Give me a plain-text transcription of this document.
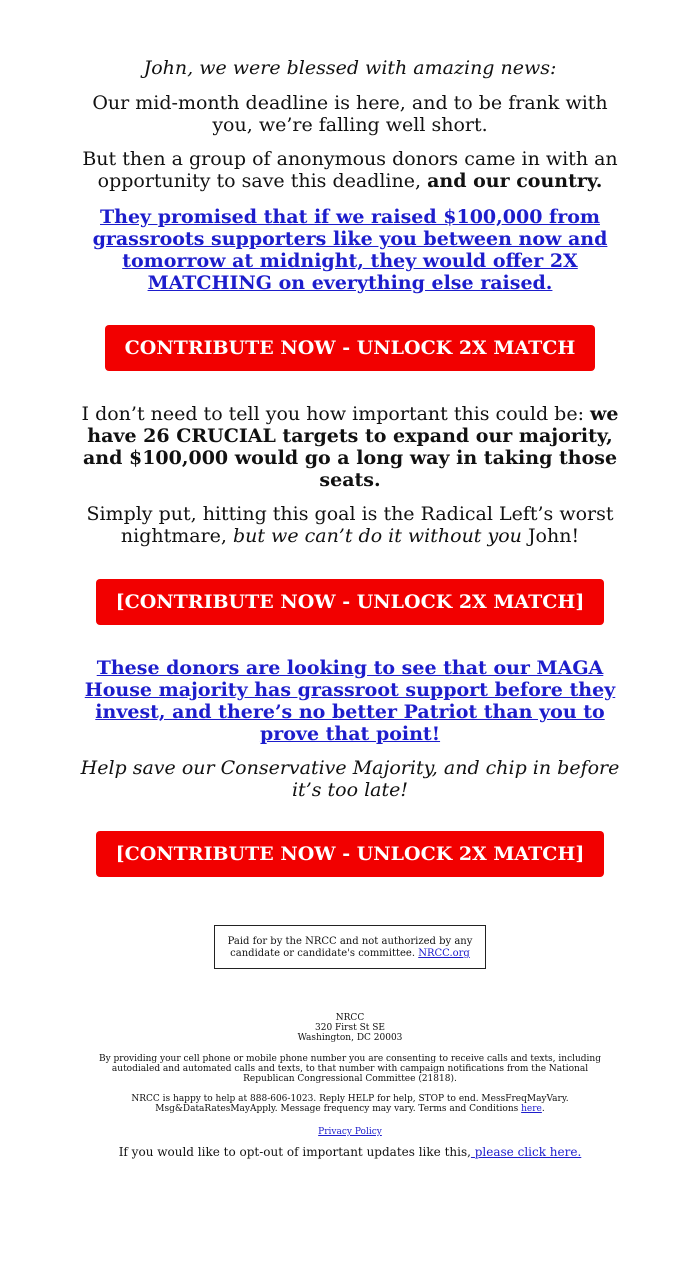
John, we were blessed with amazing news:
Our mid-month deadline is here, and to be frank with you, we’re falling well short.
But then a group of anonymous donors came in with an opportunity to save this deadline, and our country.
They promised that if we raised $100,000 from grassroots supporters like you between now and tomorrow at midnight, they would offer 2X MATCHING on everything else raised.
CONTRIBUTE NOW - UNLOCK 2X MATCH
I don’t need to tell you how important this could be: we have 26 CRUCIAL targets to expand our majority, and $100,000 would go a long way in taking those seats.
Simply put, hitting this goal is the Radical Left’s worst nightmare, but we can’t do it without you John!
[CONTRIBUTE NOW - UNLOCK 2X MATCH]
These donors are looking to see that our MAGA House majority has grassroot support before they invest, and there’s no better Patriot than you to prove that point!
Help save our Conservative Majority, and chip in before it’s too late!
[CONTRIBUTE NOW - UNLOCK 2X MATCH]
Paid for by the NRCC and not authorized by any candidate or candidate's committee. NRCC.org
NRCC
320 First St SE
Washington, DC 20003
By providing your cell phone or mobile phone number you are consenting to receive calls and texts, including autodialed and automated calls and texts, to that number with campaign notifications from the National Republican Congressional Committee (21818).
NRCC is happy to help at 888-606-1023. Reply HELP for help, STOP to end. MessFreqMayVary. Msg&DataRatesMayApply. Message frequency may vary. Terms and Conditions here.
Privacy Policy
If you would like to opt-out of important updates like this, please click here.
